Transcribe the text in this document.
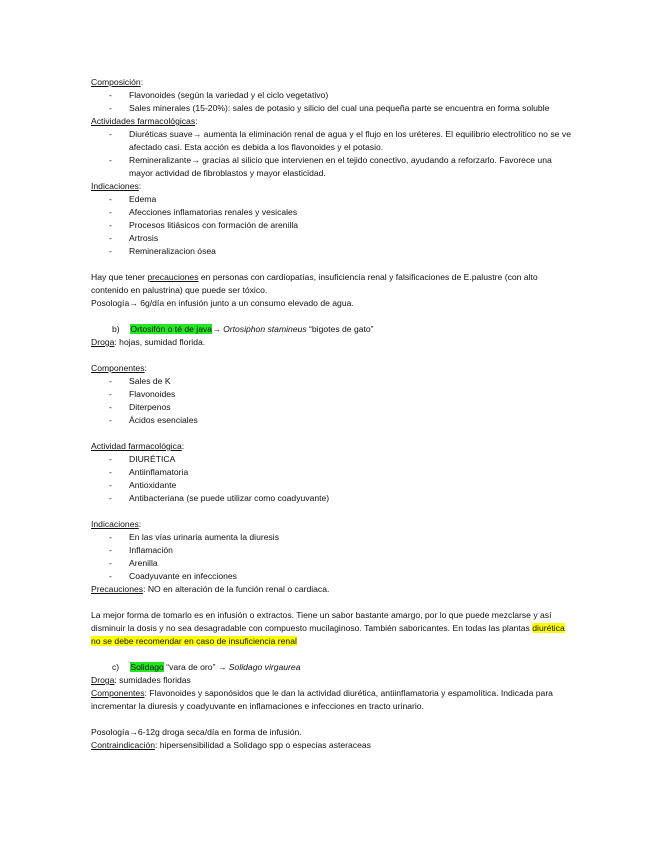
Composición:
- Flavonoides (según la variedad y el ciclo vegetativo)
- Sales minerales (15-20%): sales de potasio y silicio del cual una pequeña parte se encuentra en forma soluble
Actividades farmacológicas:
- Diuréticas suave→ aumenta la eliminación renal de agua y el flujo en los uréteres. El equilibrio electrolítico no se ve afectado casi. Esta acción es debida a los flavonoides y el potasio.
- Remineralizante→ gracias al silicio que intervienen en el tejido conectivo, ayudando a reforzarlo. Favorece una mayor actividad de fibroblastos y mayor elasticidad.
Indicaciones:
- Edema
- Afecciones inflamatorias renales y vesicales
- Procesos litiásicos con formación de arenilla
- Artrosis
- Remineralizacion ósea
Hay que tener precauciones en personas con cardiopatías, insuficiencia renal y falsificaciones de E.palustre (con alto contenido en palustrina) que puede ser tóxico.
Posología→ 6g/día en infusión junto a un consumo elevado de agua.
b) Ortosifón o té de java→ Ortosiphon stamineus “bigotes de gato”
Droga: hojas, sumidad florida.
Componentes:
- Sales de K
- Flavonoides
- Diterpenos
- Ácidos esenciales
Actividad farmacológica:
- DIURÉTICA
- Antiinflamatoria
- Antioxidante
- Antibacteriana (se puede utilizar como coadyuvante)
Indicaciones:
- En las vías urinaria aumenta la diuresis
- Inflamación
- Arenilla
- Coadyuvante en infecciones
Precauciones: NO en alteración de la función renal o cardiaca.
La mejor forma de tomarlo es en infusión o extractos. Tiene un sabor bastante amargo, por lo que puede mezclarse y así disminuir la dosis y no sea desagradable con compuesto mucilaginoso. También saboricantes. En todas las plantas diurética no se debe recomendar en caso de insuficiencia renal
c) Solidago “vara de oro” → Solidago virgaurea
Droga: sumidades floridas
Componentes: Flavonoides y saponósidos que le dan la actividad diurética, antiinflamatoria y espamolítica. Indicada para incrementar la diuresis y coadyuvante en inflamaciones e infecciones en tracto urinario.
Posología→6-12g droga seca/día en forma de infusión.
Contraindicación: hipersensibilidad a Solidago spp o especias asteraceas
